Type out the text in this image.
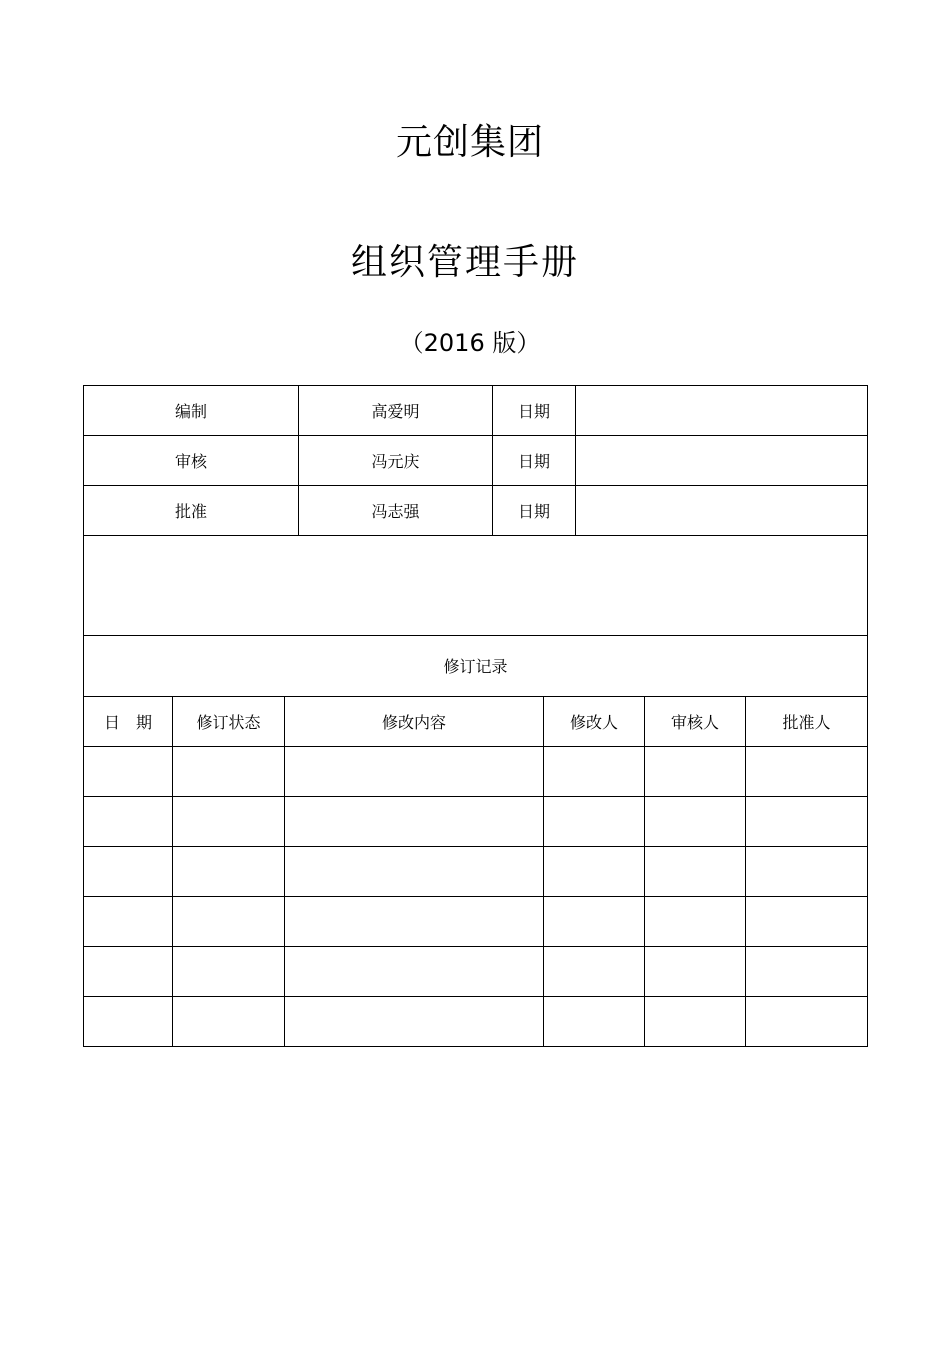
元创集团
组织管理手册
（2016 版）
编制	高爱明	日期	
审核	冯元庆	日期	
批准	冯志强	日期	

修订记录					
日　期	修订状态	修改内容	修改人	审核人	批准人
